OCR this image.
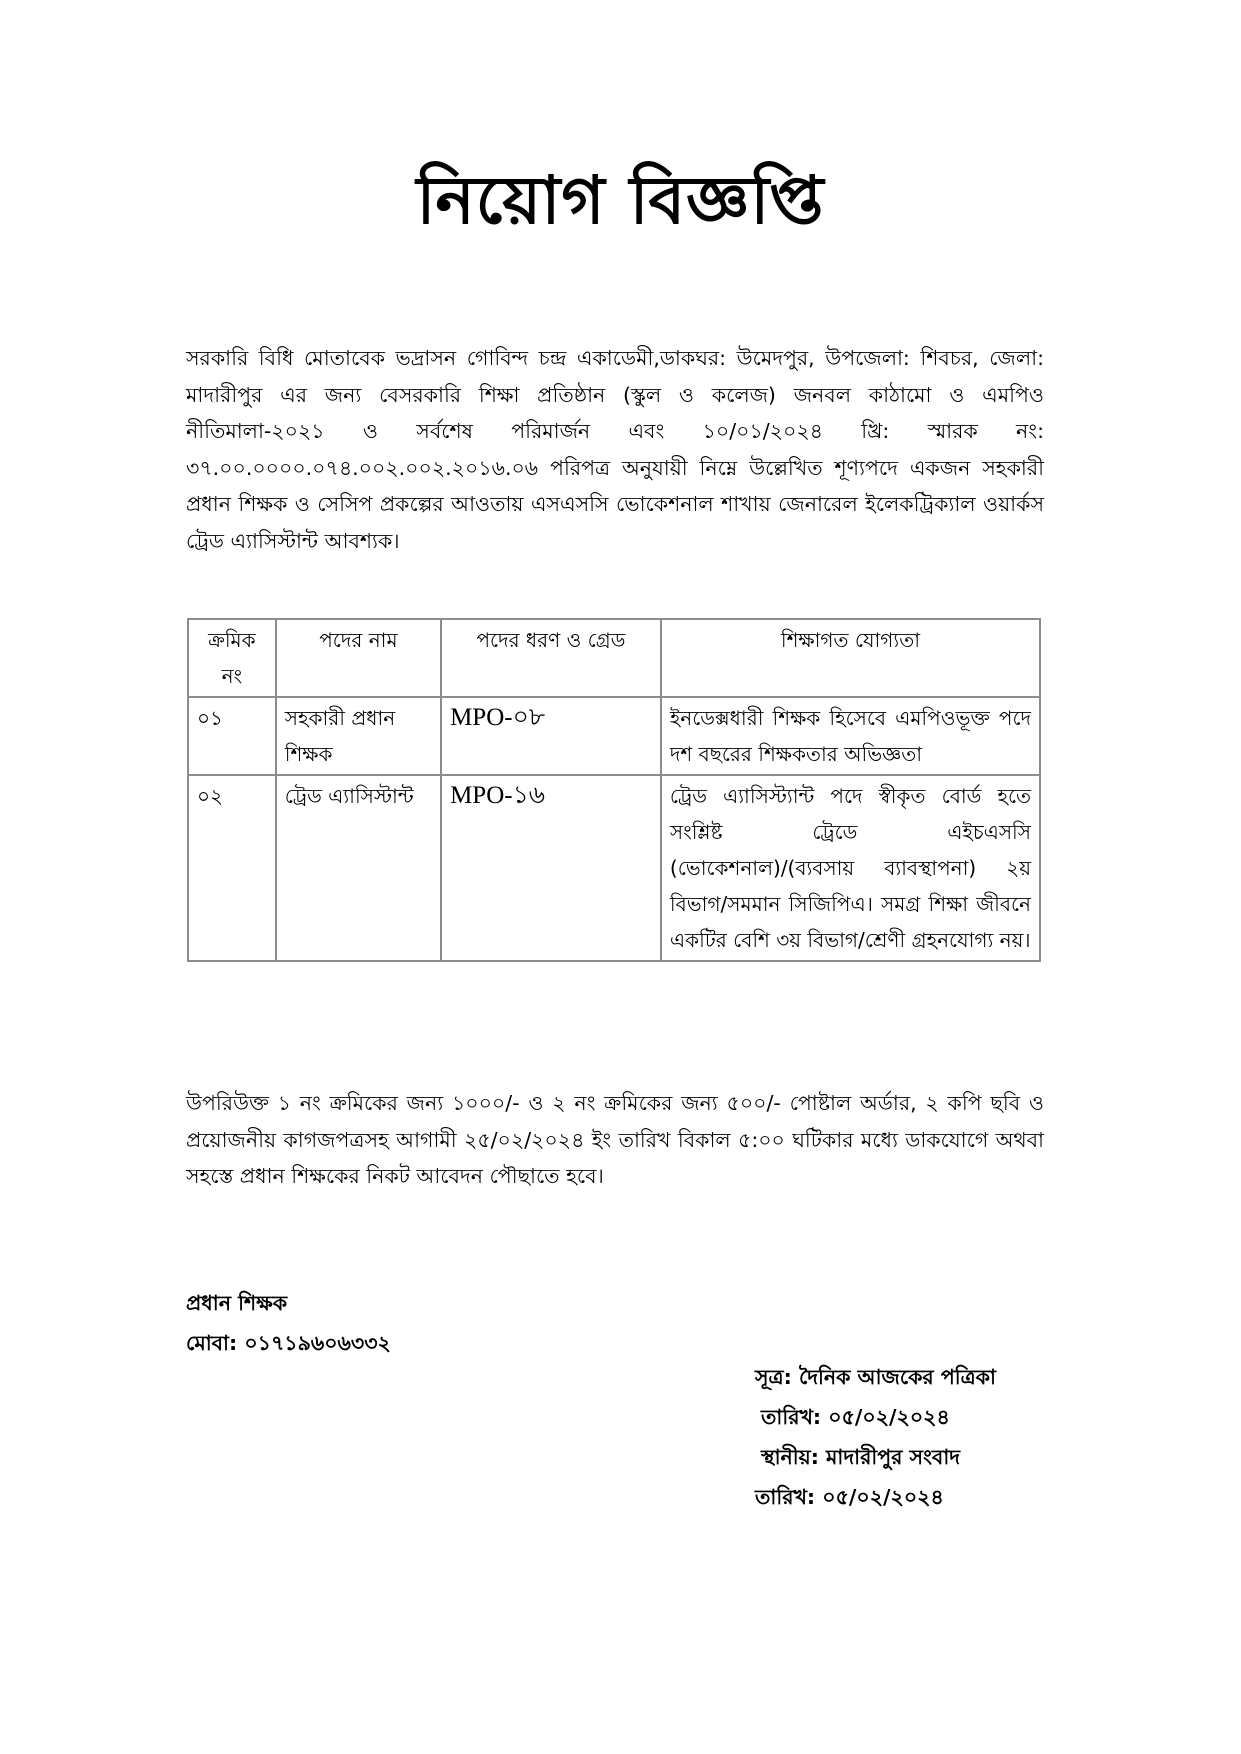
নিয়োগ বিজ্ঞপ্তি
সরকারি বিধি মোতাবেক ভদ্রাসন গোবিন্দ চন্দ্র একাডেমী,ডাকঘর: উমেদপুর, উপজেলা: শিবচর, জেলা: মাদারীপুর এর জন্য বেসরকারি শিক্ষা প্রতিষ্ঠান (স্কুল ও কলেজ) জনবল কাঠামো ও এমপিও নীতিমালা-২০২১ ও সর্বশেষ পরিমার্জন এবং ১০/০১/২০২৪ খ্রি: স্মারক নং: ৩৭.০০.০০০০.০৭৪.০০২.০০২.২০১৬.০৬ পরিপত্র অনুযায়ী নিম্নে উল্লেখিত শূণ্যপদে একজন সহকারী প্রধান শিক্ষক ও সেসিপ প্রকল্পের আওতায় এসএসসি ভোকেশনাল শাখায় জেনারেল ইলেকট্রিক্যাল ওয়ার্কস ট্রেড এ্যাসিস্টান্ট আবশ্যক।
ক্রমিক নং	পদের নাম	পদের ধরণ ও গ্রেড	শিক্ষাগত যোগ্যতা
০১	সহকারী প্রধান শিক্ষক	MPO-০৮	ইনডেক্সধারী শিক্ষক হিসেবে এমপিওভূক্ত পদে দশ বছরের শিক্ষকতার অভিজ্ঞতা
০২	ট্রেড এ্যাসিস্টান্ট	MPO-১৬	ট্রেড এ্যাসিস্ট্যান্ট পদে স্বীকৃত বোর্ড হতে সংশ্লিষ্ট ট্রেডে এইচএসসি (ভোকেশনাল)/(ব্যবসায় ব্যাবস্থাপনা) ২য় বিভাগ/সমমান সিজিপিএ। সমগ্র শিক্ষা জীবনে একটির বেশি ৩য় বিভাগ/শ্রেণী গ্রহনযোগ্য নয়।
উপরিউক্ত ১ নং ক্রমিকের জন্য ১০০০/- ও ২ নং ক্রমিকের জন্য ৫০০/- পোষ্টাল অর্ডার, ২ কপি ছবি ও প্রয়োজনীয় কাগজপত্রসহ আগামী ২৫/০২/২০২৪ ইং তারিখ বিকাল ৫:০০ ঘটিকার মধ্যে ডাকযোগে অথবা সহস্তে প্রধান শিক্ষকের নিকট আবেদন পৌছাতে হবে।
প্রধান শিক্ষক
মোবা: ০১৭১৯৬০৬৩৩২
সূত্র: দৈনিক আজকের পত্রিকা
তারিখ: ০৫/০২/২০২৪
স্থানীয়: মাদারীপুর সংবাদ
তারিখ: ০৫/০২/২০২৪
